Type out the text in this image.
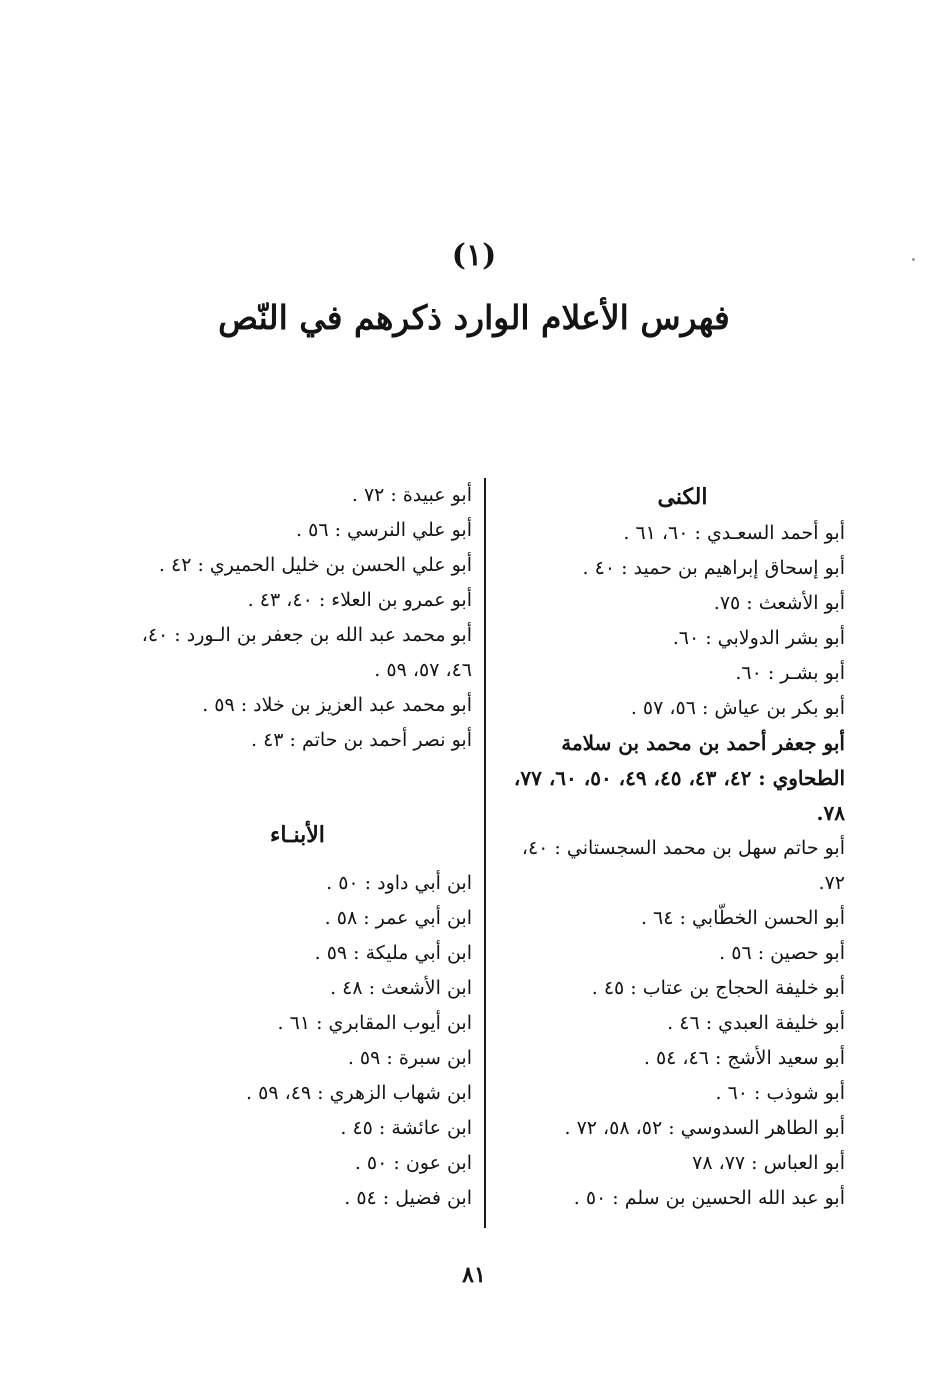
(١)
فهرس الأعلام الوارد ذكرهم في النّص
الكنى
أبو أحمد السعـدي : ٦٠، ٦١ .
أبو إسحاق إبراهيم بن حميد : ٤٠ .
أبو الأشعث : ٧٥.
أبو بشر الدولابي : ٦٠.
أبو بشـر : ٦٠.
أبو بكر بن عياش : ٥٦، ٥٧ .
أبو جعفر أحمد بن محمد بن سلامة الطحاوي : ٤٢، ٤٣، ٤٥، ٤٩، ٥٠، ٦٠، ٧٧، ٧٨.
أبو حاتم سهل بن محمد السجستاني : ٤٠، ٧٢.
أبو الحسن الخطّابي : ٦٤ .
أبو حصين : ٥٦ .
أبو خليفة الحجاج بن عتاب : ٤٥ .
أبو خليفة العبدي : ٤٦ .
أبو سعيد الأشج : ٤٦، ٥٤ .
أبو شوذب : ٦٠ .
أبو الطاهر السدوسي : ٥٢، ٥٨، ٧٢ .
أبو العباس : ٧٧، ٧٨
أبو عبد الله الحسين بن سلم : ٥٠ .
أبو عبيدة : ٧٢ .
أبو علي النرسي : ٥٦ .
أبو علي الحسن بن خليل الحميري : ٤٢ .
أبو عمرو بن العلاء : ٤٠، ٤٣ .
أبو محمد عبد الله بن جعفر بن الـورد : ٤٠، ٤٦، ٥٧، ٥٩ .
أبو محمد عبد العزيز بن خلاد : ٥٩ .
أبو نصر أحمد بن حاتم : ٤٣ .
الأبنـاء
ابن أبي داود : ٥٠ .
ابن أبي عمر : ٥٨ .
ابن أبي مليكة : ٥٩ .
ابن الأشعث : ٤٨ .
ابن أيوب المقابري : ٦١ .
ابن سبرة : ٥٩ .
ابن شهاب الزهري : ٤٩، ٥٩ .
ابن عائشة : ٤٥ .
ابن عون : ٥٠ .
ابن فضيل : ٥٤ .
٨١
